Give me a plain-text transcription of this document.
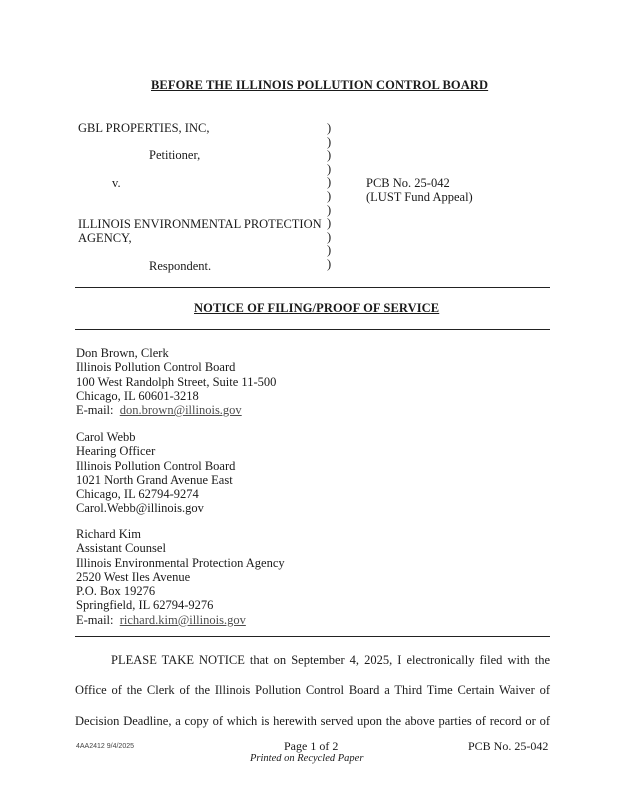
BEFORE THE ILLINOIS POLLUTION CONTROL BOARD
GBL PROPERTIES, INC,
Petitioner,
v.
ILLINOIS ENVIRONMENTAL PROTECTION
AGENCY,
Respondent.
)
)
)
)
)
)
)
)
)
)
)
PCB No. 25-042
(LUST Fund Appeal)
NOTICE OF FILING/PROOF OF SERVICE
Don Brown, Clerk
Illinois Pollution Control Board
100 West Randolph Street, Suite 11-500
Chicago, IL 60601-3218
E-mail: don.brown@illinois.gov
Carol Webb
Hearing Officer
Illinois Pollution Control Board
1021 North Grand Avenue East
Chicago, IL 62794-9274
Carol.Webb@illinois.gov
Richard Kim
Assistant Counsel
Illinois Environmental Protection Agency
2520 West Iles Avenue
P.O. Box 19276
Springfield, IL 62794-9276
E-mail: richard.kim@illinois.gov
PLEASE TAKE NOTICE that on September 4, 2025, I electronically filed with the
Office of the Clerk of the Illinois Pollution Control Board a Third Time Certain Waiver of
Decision Deadline, a copy of which is herewith served upon the above parties of record or of
4AA2412 9/4/2025	Page 1 of 2
Printed on Recycled Paper
PCB No. 25-042
